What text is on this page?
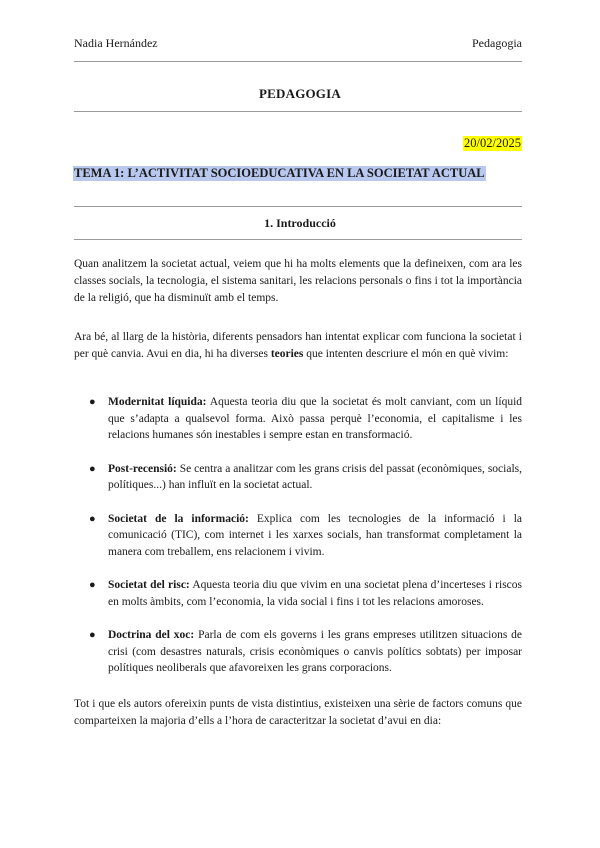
Nadia Hernández	Pedagogia
PEDAGOGIA
20/02/2025
TEMA 1: L’ACTIVITAT SOCIOEDUCATIVA EN LA SOCIETAT ACTUAL
1. Introducció

Quan analitzem la societat actual, veiem que hi ha molts elements que la defineixen, com ara les classes socials, la tecnologia, el sistema sanitari, les relacions personals o fins i tot la importància de la religió, que ha disminuït amb el temps.

Ara bé, al llarg de la història, diferents pensadors han intentat explicar com funciona la societat i per què canvia. Avui en dia, hi ha diverses teories que intenten descriure el món en què vivim:

● Modernitat líquida: Aquesta teoria diu que la societat és molt canviant, com un líquid que s’adapta a qualsevol forma. Això passa perquè l’economia, el capitalisme i les relacions humanes són inestables i sempre estan en transformació.
● Post-recensió: Se centra a analitzar com les grans crisis del passat (econòmiques, socials, polítiques...) han influït en la societat actual.
● Societat de la informació: Explica com les tecnologies de la informació i la comunicació (TIC), com internet i les xarxes socials, han transformat completament la manera com treballem, ens relacionem i vivim.
● Societat del risc: Aquesta teoria diu que vivim en una societat plena d’incerteses i riscos en molts àmbits, com l’economia, la vida social i fins i tot les relacions amoroses.
● Doctrina del xoc: Parla de com els governs i les grans empreses utilitzen situacions de crisi (com desastres naturals, crisis econòmiques o canvis polítics sobtats) per imposar polítiques neoliberals que afavoreixen les grans corporacions.

Tot i que els autors ofereixin punts de vista distintius, existeixen una sèrie de factors comuns que comparteixen la majoria d’ells a l’hora de caracteritzar la societat d’avui en dia:
